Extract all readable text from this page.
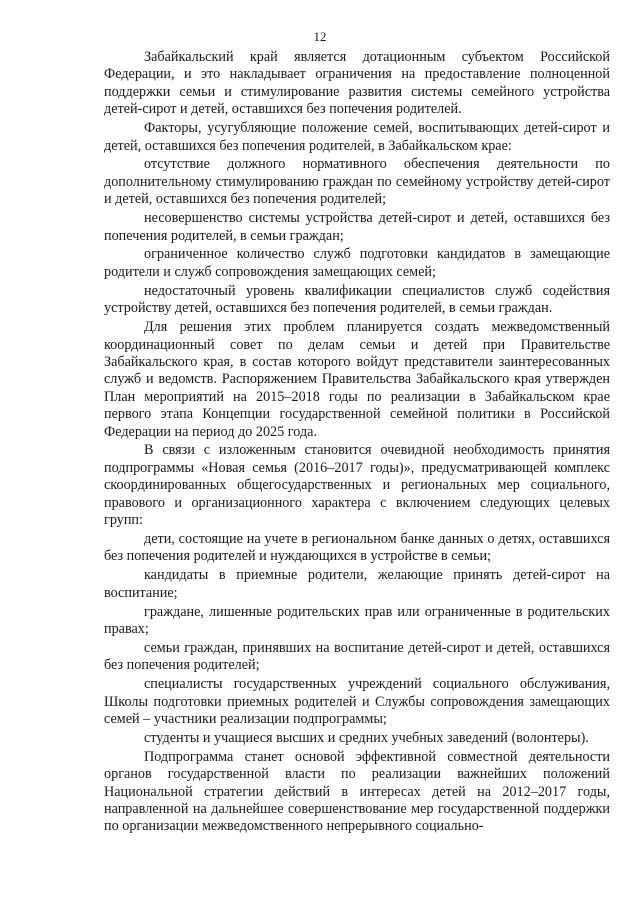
12

Забайкальский край является дотационным субъектом Российской Федерации, и это накладывает ограничения на предоставление полноценной поддержки семьи и стимулирование развития системы семейного устройства детей-сирот и детей, оставшихся без попечения родителей.

Факторы, усугубляющие положение семей, воспитывающих детей-сирот и детей, оставшихся без попечения родителей, в Забайкальском крае:

отсутствие должного нормативного обеспечения деятельности по дополнительному стимулированию граждан по семейному устройству детей-сирот и детей, оставшихся без попечения родителей;

несовершенство системы устройства детей-сирот и детей, оставшихся без попечения родителей, в семьи граждан;

ограниченное количество служб подготовки кандидатов в замещающие родители и служб сопровождения замещающих семей;

недостаточный уровень квалификации специалистов служб содействия устройству детей, оставшихся без попечения родителей, в семьи граждан.

Для решения этих проблем планируется создать межведомственный координационный совет по делам семьи и детей при Правительстве Забайкальского края, в состав которого войдут представители заинтересованных служб и ведомств. Распоряжением Правительства Забайкальского края утвержден План мероприятий на 2015–2018 годы по реализации в Забайкальском крае первого этапа Концепции государственной семейной политики в Российской Федерации на период до 2025 года.

В связи с изложенным становится очевидной необходимость принятия подпрограммы «Новая семья (2016–2017 годы)», предусматривающей комплекс скоординированных общегосударственных и региональных мер социального, правового и организационного характера с включением следующих целевых групп:

дети, состоящие на учете в региональном банке данных о детях, оставшихся без попечения родителей и нуждающихся в устройстве в семьи;

кандидаты в приемные родители, желающие принять детей-сирот на воспитание;

граждане, лишенные родительских прав или ограниченные в родительских правах;

семьи граждан, принявших на воспитание детей-сирот и детей, оставшихся без попечения родителей;

специалисты государственных учреждений социального обслуживания, Школы подготовки приемных родителей и Службы сопровождения замещающих семей – участники реализации подпрограммы;

студенты и учащиеся высших и средних учебных заведений (волонтеры).

Подпрограмма станет основой эффективной совместной деятельности органов государственной власти по реализации важнейших положений Национальной стратегии действий в интересах детей на 2012–2017 годы, направленной на дальнейшее совершенствование мер государственной поддержки по организации межведомственного непрерывного социально-
